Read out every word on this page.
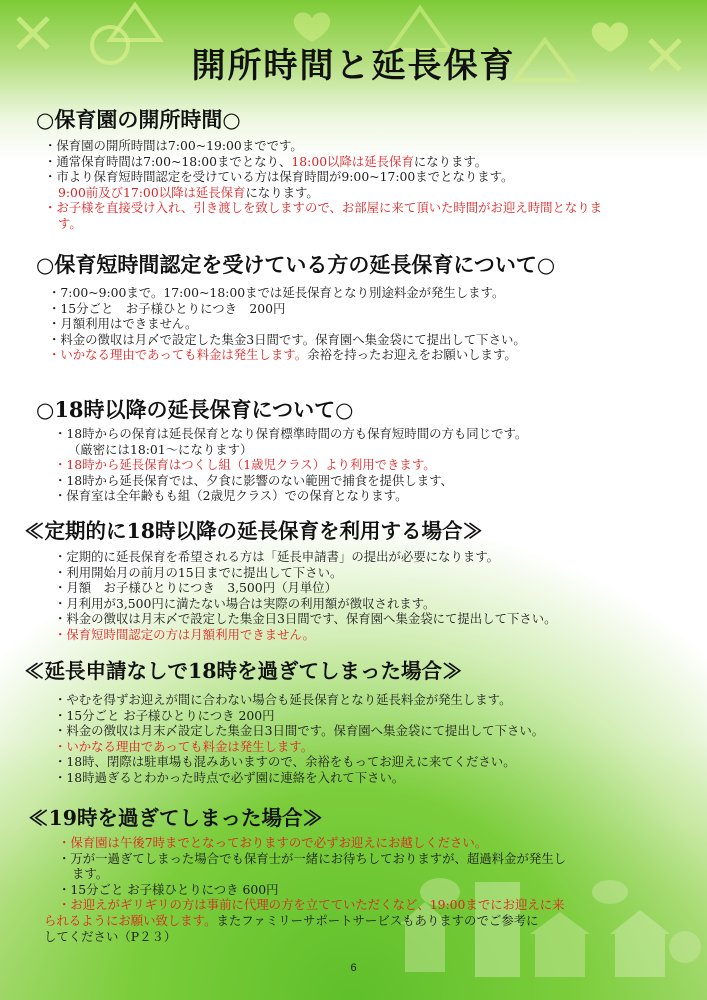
開所時間と延長保育
○保育園の開所時間○
・保育園の開所時間は7:00~19:00までです。
・通常保育時間は7:00~18:00までとなり、18:00以降は延長保育になります。
・市より保育短時間認定を受けている方は保育時間が9:00~17:00までとなります。
9:00前及び17:00以降は延長保育になります。
・お子様を直接受け入れ、引き渡しを致しますので、お部屋に来て頂いた時間がお迎え時間となりま
す。
○保育短時間認定を受けている方の延長保育について○
・7:00~9:00まで。17:00~18:00までは延長保育となり別途料金が発生します。
・15分ごと　お子様ひとりにつき　200円
・月額利用はできません。
・料金の徴収は月〆で設定した集金3日間です。保育園へ集金袋にて提出して下さい。
・いかなる理由であっても料金は発生します。余裕を持ったお迎えをお願いします。
○18時以降の延長保育について○
・18時からの保育は延長保育となり保育標準時間の方も保育短時間の方も同じです。
（厳密には18:01～になります）
・18時から延長保育はつくし組（1歳児クラス）より利用できます。
・18時から延長保育では、夕食に影響のない範囲で捕食を提供します、
・保育室は全年齢もも組（2歳児クラス）での保育となります。
≪定期的に18時以降の延長保育を利用する場合≫
・定期的に延長保育を希望される方は「延長申請書」の提出が必要になります。
・利用開始月の前月の15日までに提出して下さい。
・月額　お子様ひとりにつき　3,500円（月単位）
・月利用が3,500円に満たない場合は実際の利用額が徴収されます。
・料金の徴収は月末〆で設定した集金日3日間です、保育園へ集金袋にて提出して下さい。
・保育短時間認定の方は月額利用できません。
≪延長申請なしで18時を過ぎてしまった場合≫
・やむを得ずお迎えが間に合わない場合も延長保育となり延長料金が発生します。
・15分ごと お子様ひとりにつき 200円
・料金の徴収は月末〆設定した集金日3日間です。保育園へ集金袋にて提出して下さい。
・いかなる理由であっても料金は発生します。
・18時、閉際は駐車場も混みあいますので、余裕をもってお迎えに来てください。
・18時過ぎるとわかった時点で必ず園に連絡を入れて下さい。
≪19時を過ぎてしまった場合≫
・保育園は午後7時までとなっておりますので必ずお迎えにお越しください。
・万が一過ぎてしまった場合でも保育士が一緒にお待ちしておりますが、超過料金が発生し
ます。
・15分ごと お子様ひとりにつき 600円
・お迎えがギリギリの方は事前に代理の方を立てていただくなど、19:00までにお迎えに来
られるようにお願い致します。またファミリーサポートサービスもありますのでご参考に
してください（P２３）
6
